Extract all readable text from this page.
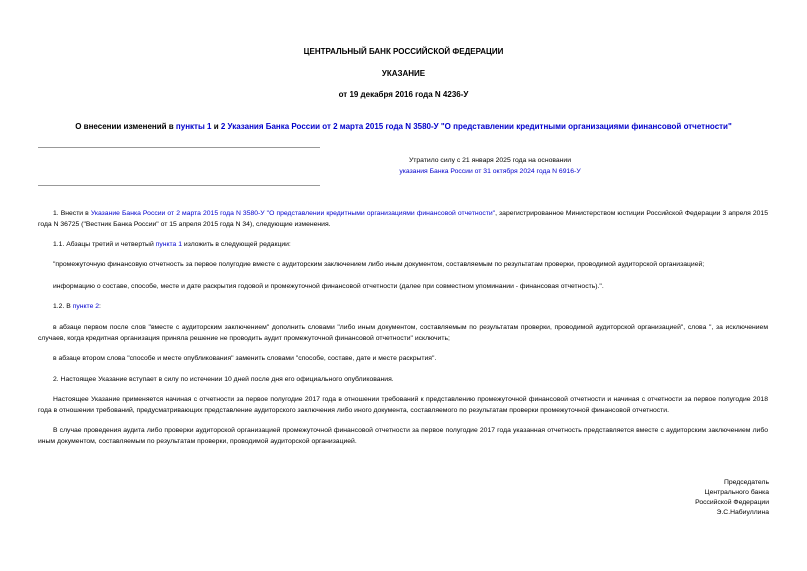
ЦЕНТРАЛЬНЫЙ БАНК РОССИЙСКОЙ ФЕДЕРАЦИИ
УКАЗАНИЕ
от 19 декабря 2016 года N 4236-У
О внесении изменений в пункты 1 и 2 Указания Банка России от 2 марта 2015 года N 3580-У "О представлении кредитными организациями финансовой отчетности"
Утратило силу с 21 января 2025 года на основании
указания Банка России от 31 октября 2024 года N 6916-У
1. Внести в Указание Банка России от 2 марта 2015 года N 3580-У "О представлении кредитными организациями финансовой отчетности", зарегистрированное Министерством юстиции Российской Федерации 3 апреля 2015 года N 36725 ("Вестник Банка России" от 15 апреля 2015 года N 34), следующие изменения.
1.1. Абзацы третий и четвертый пункта 1 изложить в следующей редакции:
"промежуточную финансовую отчетность за первое полугодие вместе с аудиторским заключением либо иным документом, составляемым по результатам проверки, проводимой аудиторской организацией;
информацию о составе, способе, месте и дате раскрытия годовой и промежуточной финансовой отчетности (далее при совместном упоминании - финансовая отчетность).".
1.2. В пункте 2:
в абзаце первом после слов "вместе с аудиторским заключением" дополнить словами "либо иным документом, составляемым по результатам проверки, проводимой аудиторской организацией", слова ", за исключением случаев, когда кредитная организация приняла решение не проводить аудит промежуточной финансовой отчетности" исключить;
в абзаце втором слова "способе и месте опубликования" заменить словами "способе, составе, дате и месте раскрытия".
2. Настоящее Указание вступает в силу по истечении 10 дней после дня его официального опубликования.
Настоящее Указание применяется начиная с отчетности за первое полугодие 2017 года в отношении требований к представлению промежуточной финансовой отчетности и начиная с отчетности за первое полугодие 2018 года в отношении требований, предусматривающих представление аудиторского заключения либо иного документа, составляемого по результатам проверки промежуточной финансовой отчетности.
В случае проведения аудита либо проверки аудиторской организацией промежуточной финансовой отчетности за первое полугодие 2017 года указанная отчетность представляется вместе с аудиторским заключением либо иным документом, составляемым по результатам проверки, проводимой аудиторской организацией.
Председатель
Центрального банка
Российской Федерации
Э.С.Набиуллина
